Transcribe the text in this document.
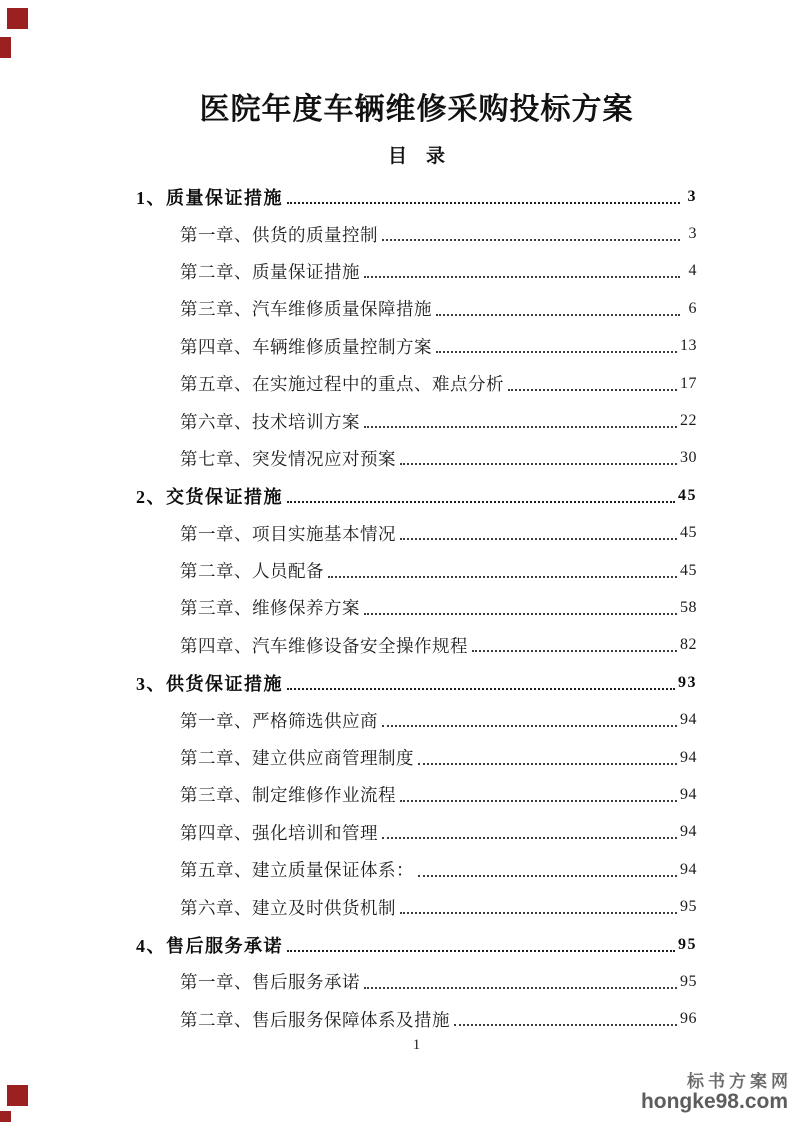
医院年度车辆维修采购投标方案
目　录
1、质量保证措施	3
第一章、供货的质量控制	3
第二章、质量保证措施	4
第三章、汽车维修质量保障措施	6
第四章、车辆维修质量控制方案	13
第五章、在实施过程中的重点、难点分析	17
第六章、技术培训方案	22
第七章、突发情况应对预案	30
2、交货保证措施	45
第一章、项目实施基本情况	45
第二章、人员配备	45
第三章、维修保养方案	58
第四章、汽车维修设备安全操作规程	82
3、供货保证措施	93
第一章、严格筛选供应商	94
第二章、建立供应商管理制度	94
第三章、制定维修作业流程	94
第四章、强化培训和管理	94
第五章、建立质量保证体系：	94
第六章、建立及时供货机制	95
4、售后服务承诺	95
第一章、售后服务承诺	95
第二章、售后服务保障体系及措施	96
1
标书方案网
hongke98.com
